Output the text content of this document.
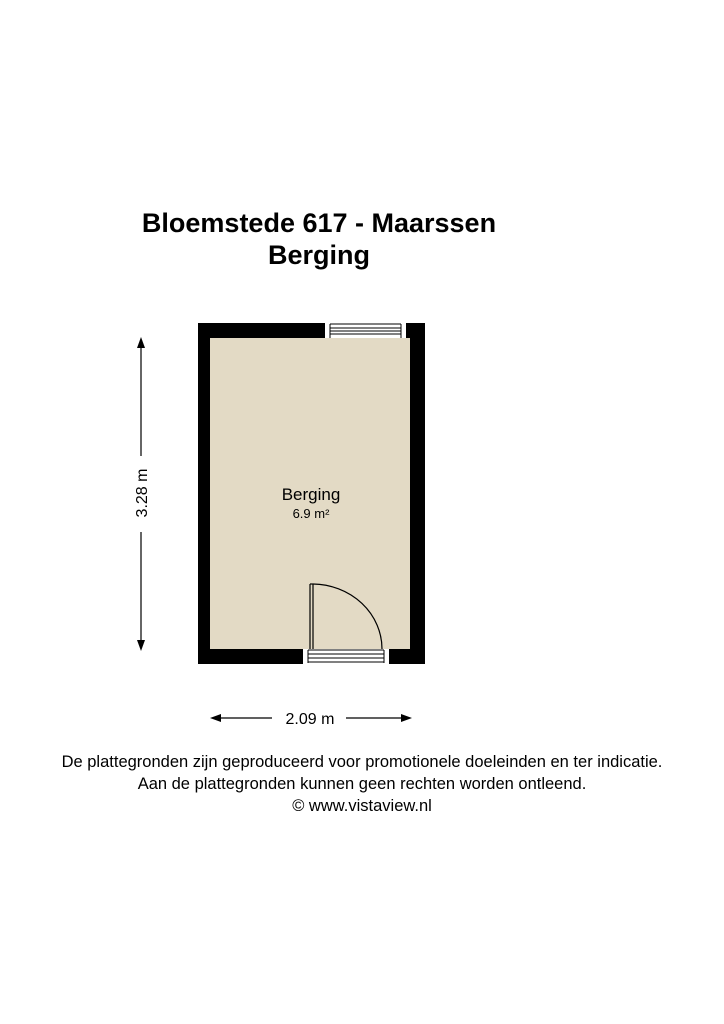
Bloemstede 617 - Maarssen
Berging
Berging
6.9 m²
3.28 m
2.09 m
De plattegronden zijn geproduceerd voor promotionele doeleinden en ter indicatie.
Aan de plattegronden kunnen geen rechten worden ontleend.
© www.vistaview.nl
